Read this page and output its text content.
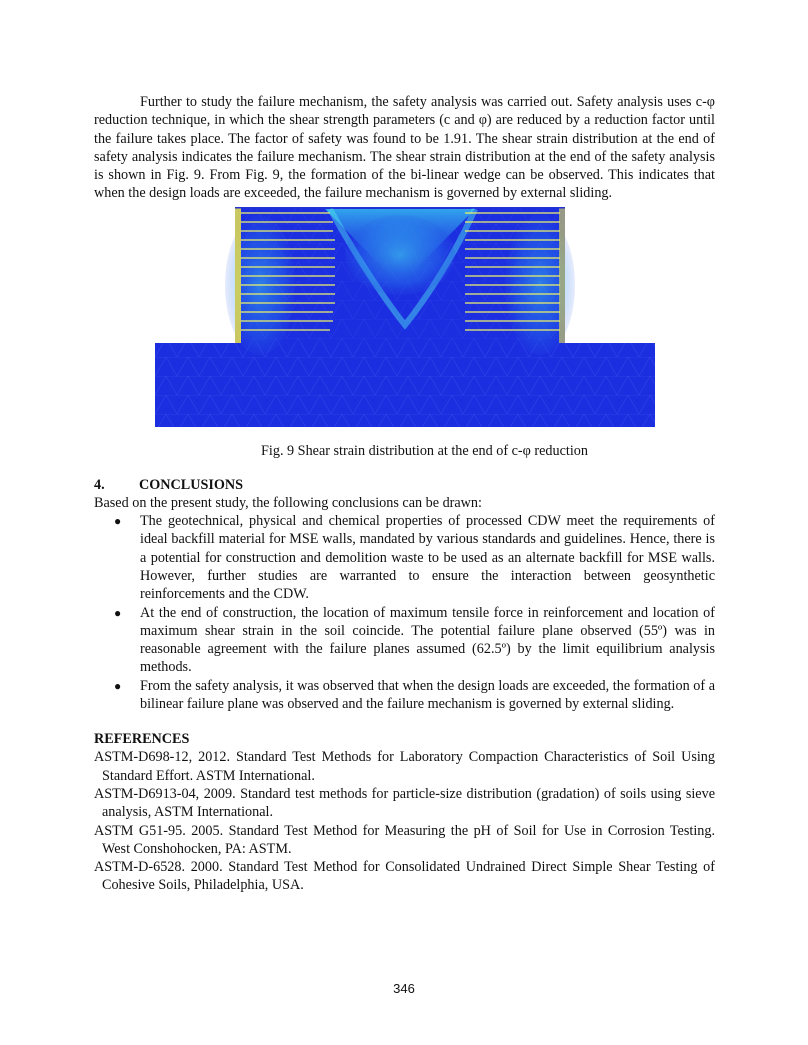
Further to study the failure mechanism, the safety analysis was carried out. Safety analysis uses c-φ reduction technique, in which the shear strength parameters (c and φ) are reduced by a reduction factor until the failure takes place. The factor of safety was found to be 1.91. The shear strain distribution at the end of safety analysis indicates the failure mechanism. The shear strain distribution at the end of the safety analysis is shown in Fig. 9. From Fig. 9, the formation of the bi-linear wedge can be observed. This indicates that when the design loads are exceeded, the failure mechanism is governed by external sliding.

Fig. 9 Shear strain distribution at the end of c-φ reduction

4. CONCLUSIONS

Based on the present study, the following conclusions can be drawn:

● The geotechnical, physical and chemical properties of processed CDW meet the requirements of ideal backfill material for MSE walls, mandated by various standards and guidelines. Hence, there is a potential for construction and demolition waste to be used as an alternate backfill for MSE walls. However, further studies are warranted to ensure the interaction between geosynthetic reinforcements and the CDW.
● At the end of construction, the location of maximum tensile force in reinforcement and location of maximum shear strain in the soil coincide. The potential failure plane observed (55º) was in reasonable agreement with the failure planes assumed (62.5º) by the limit equilibrium analysis methods.
● From the safety analysis, it was observed that when the design loads are exceeded, the formation of a bilinear failure plane was observed and the failure mechanism is governed by external sliding.

REFERENCES

ASTM-D698-12, 2012. Standard Test Methods for Laboratory Compaction Characteristics of Soil Using Standard Effort. ASTM International.

ASTM-D6913-04, 2009. Standard test methods for particle-size distribution (gradation) of soils using sieve analysis, ASTM International.

ASTM G51-95. 2005. Standard Test Method for Measuring the pH of Soil for Use in Corrosion Testing. West Conshohocken, PA: ASTM.

ASTM-D-6528. 2000. Standard Test Method for Consolidated Undrained Direct Simple Shear Testing of Cohesive Soils, Philadelphia, USA.

346
